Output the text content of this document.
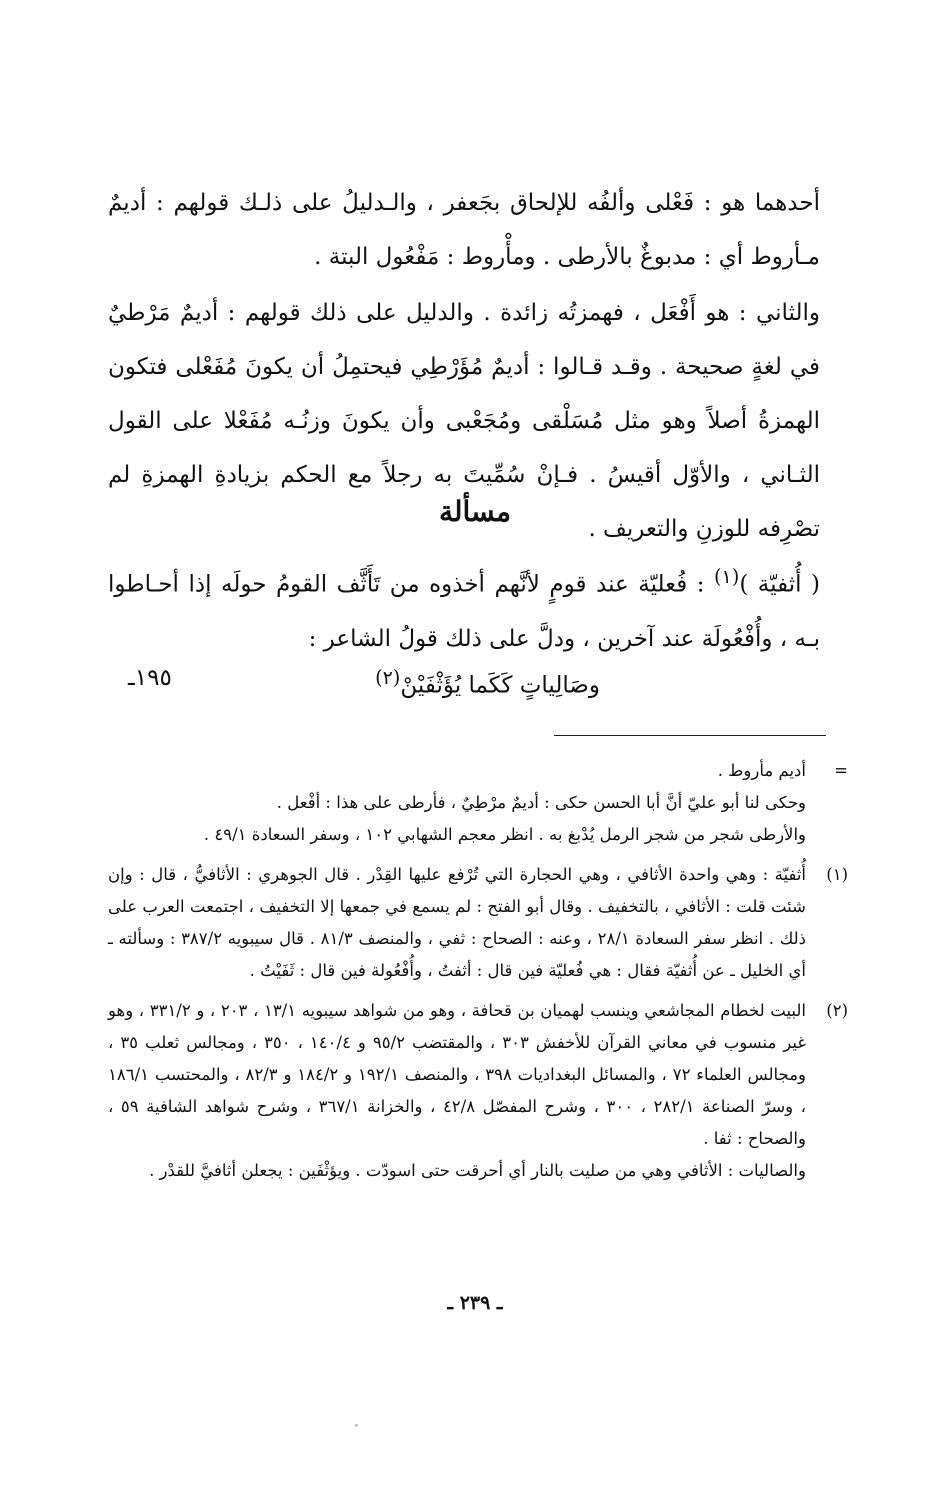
أحدهما هو : فَعْلى وألفُه للإلحاق بجَعفر ، والـدليلُ على ذلـك قولهم : أديمٌ مـأروط أي : مدبوغٌ بالأرطى . ومأْروط : مَفْعُول البتة .

والثاني : هو أَفْعَل ، فهمزتُه زائدة . والدليل على ذلك قولهم : أديمٌ مَرْطيٌ في لغةٍ صحيحة . وقـد قـالوا : أديمٌ مُؤَرْطِي فيحتمِلُ أن يكونَ مُفَعْلى فتكون الهمزةُ أصلاً وهو مثل مُسَلْقى ومُجَعْبى وأن يكونَ وزنُـه مُفَعْلا على القول الثـاني ، والأوّل أقيسُ . فـإنْ سُمِّيتَ به رجلاً مع الحكم بزيادةِ الهمزةِ لم تصْرِفه للوزنِ والتعريف .

مسألة

( أُثفيّة )$^{(١)}$ : فُعليّة عند قومٍ لأنَّهم أخذوه من تَأَثَّف القومُ حولَه إذا أحـاطوا بـه ، وأُفْعُولَة عند آخرين ، ودلَّ على ذلك قولُ الشاعر :

١٩٥ـ	وصَالِياتٍ كَكَما يُؤَثْفَيْنْ$^{(٢)}$
=
أديم مأروط .
وحكى لنا أبو عليّ أنَّ أبا الحسن حكى : أديمٌ مرْطِيٌ ، فأرطى على هذا : أفْعل .
والأرطى شجر من شجر الرمل يُدْبغ به . انظر معجم الشهابي ١٠٢ ، وسفر السعادة ٤٩/١ .
(١)
أُثفيّة : وهي واحدة الأثافي ، وهي الحجارة التي تُرْفع عليها القِدْر . قال الجوهري : الأثافيُّ ، قال : وإن شئت قلت : الأثافي ، بالتخفيف . وقال أبو الفتح : لم يسمع في جمعها إلا التخفيف ، اجتمعت العرب على ذلك . انظر سفر السعادة ٢٨/١ ، وعنه : الصحاح : ثفي ، والمنصف ٨١/٣ . قال سيبويه ٣٨٧/٢ : وسألته ـ أي الخليل ـ عن أُثفيّة فقال : هي فُعليّة فين قال : أثفتُ ، وأُفْعُولة فين قال : ثَفَيْتُ .
(٢)
البيت لخطام المجاشعي وينسب لهميان بن قحافة ، وهو من شواهد سيبويه ١٣/١ ، ٢٠٣ ، و ٣٣١/٢ ، وهو غير منسوب في معاني القرآن للأخفش ٣٠٣ ، والمقتضب ٩٥/٢ و ١٤٠/٤ ، ٣٥٠ ، ومجالس ثعلب ٣٥ ، ومجالس العلماء ٧٢ ، والمسائل البغداديات ٣٩٨ ، والمنصف ١٩٢/١ و ١٨٤/٢ و ٨٢/٣ ، والمحتسب ١٨٦/١ ، وسرّ الصناعة ٢٨٢/١ ، ٣٠٠ ، وشرح المفصّل ٤٢/٨ ، والخزانة ٣٦٧/١ ، وشرح شواهد الشافية ٥٩ ، والصحاح : ثفا .
والصاليات : الأثافي وهي من صليت بالنار أي أحرقت حتى اسودّت . ويؤثْفَين : يجعلن أثافيَّ للقدْر .
ـ ٢٣٩ ـ
